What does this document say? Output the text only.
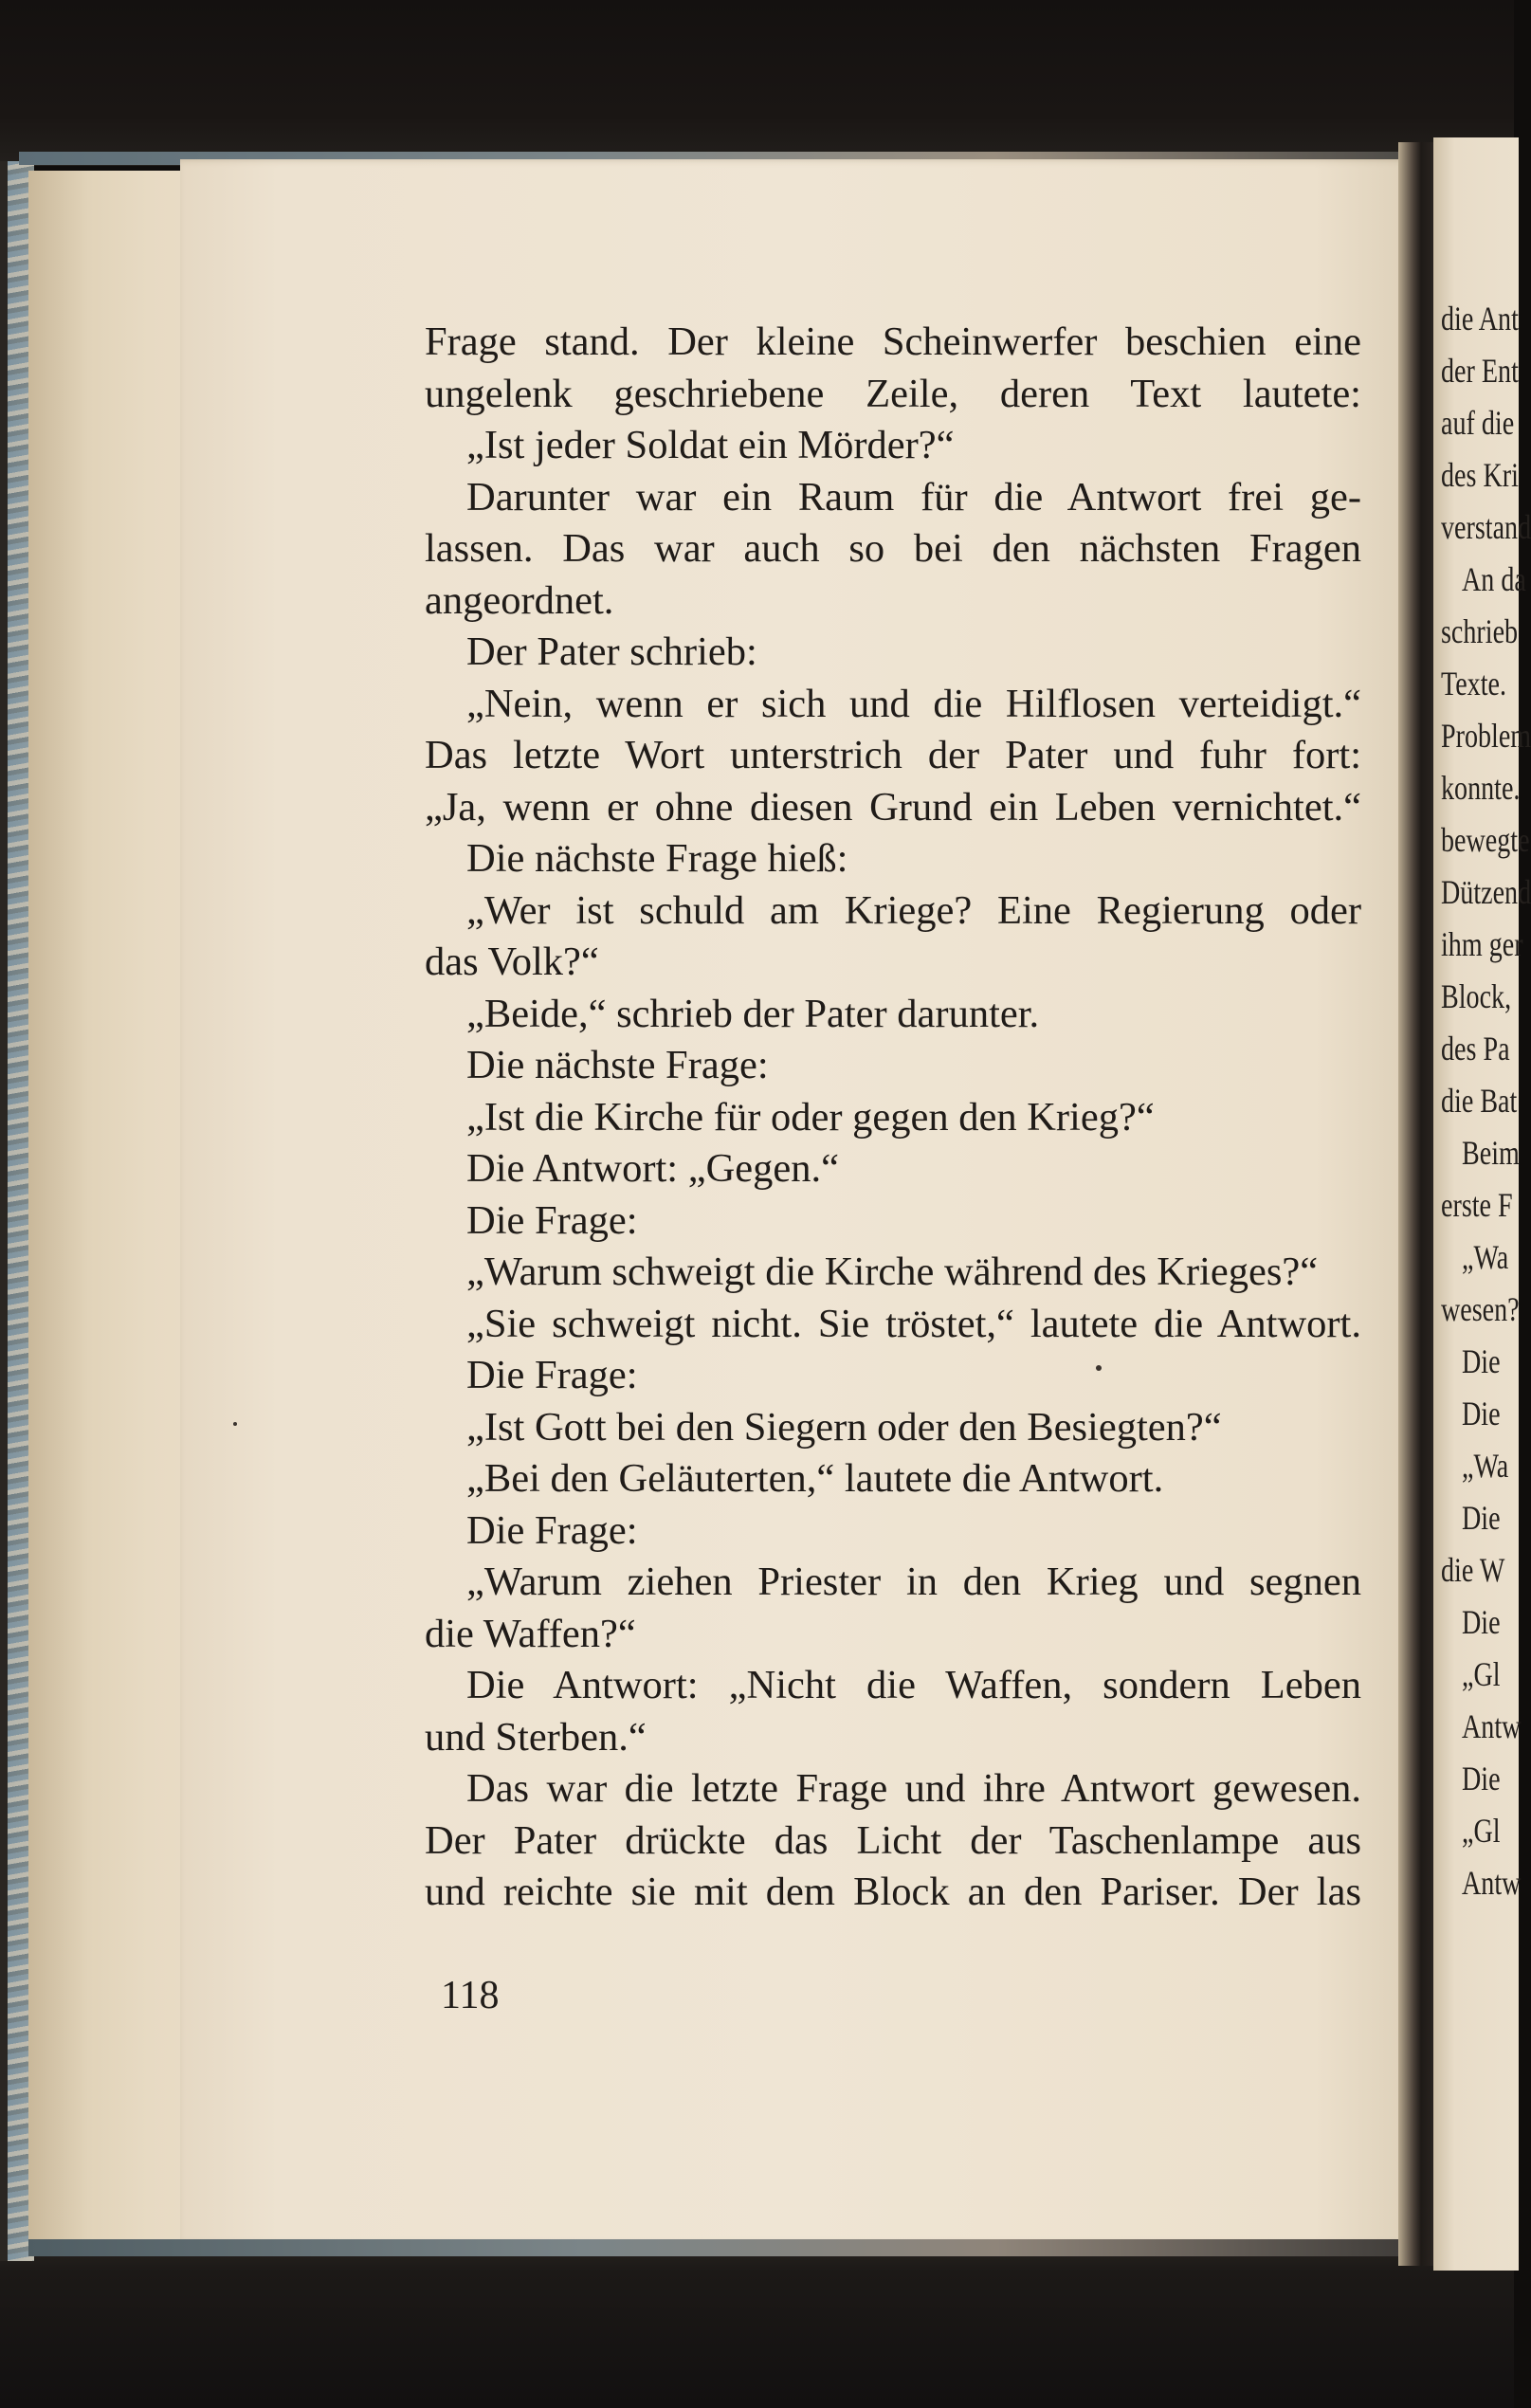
Frage stand. Der kleine Scheinwerfer beschien eine
ungelenk geschriebene Zeile, deren Text lautete:
„Ist jeder Soldat ein Mörder?“
Darunter war ein Raum für die Antwort frei ge-
lassen. Das war auch so bei den nächsten Fragen
angeordnet.
Der Pater schrieb:
„Nein, wenn er sich und die Hilflosen verteidigt.“
Das letzte Wort unterstrich der Pater und fuhr fort:
„Ja, wenn er ohne diesen Grund ein Leben vernichtet.“
Die nächste Frage hieß:
„Wer ist schuld am Kriege? Eine Regierung oder
das Volk?“
„Beide,“ schrieb der Pater darunter.
Die nächste Frage:
„Ist die Kirche für oder gegen den Krieg?“
Die Antwort: „Gegen.“
Die Frage:
„Warum schweigt die Kirche während des Krieges?“
„Sie schweigt nicht. Sie tröstet,“ lautete die Antwort.
Die Frage:
„Ist Gott bei den Siegern oder den Besiegten?“
„Bei den Geläuterten,“ lautete die Antwort.
Die Frage:
„Warum ziehen Priester in den Krieg und segnen
die Waffen?“
Die Antwort: „Nicht die Waffen, sondern Leben
und Sterben.“
Das war die letzte Frage und ihre Antwort gewesen.
Der Pater drückte das Licht der Taschenlampe aus
und reichte sie mit dem Block an den Pariser. Der las
118
die Ant
der Ent
auf die
des Kri
verstand
An da
schrieb
Texte.
Problem
konnte.
bewegte
Dützend
ihm ger
Block,
des Pa
die Bat
Beim
erste F
„Wa
wesen?
Die
Die
„Wa
Die
die W
Die
„Gl
Antw
Die
„Gl
Antw
